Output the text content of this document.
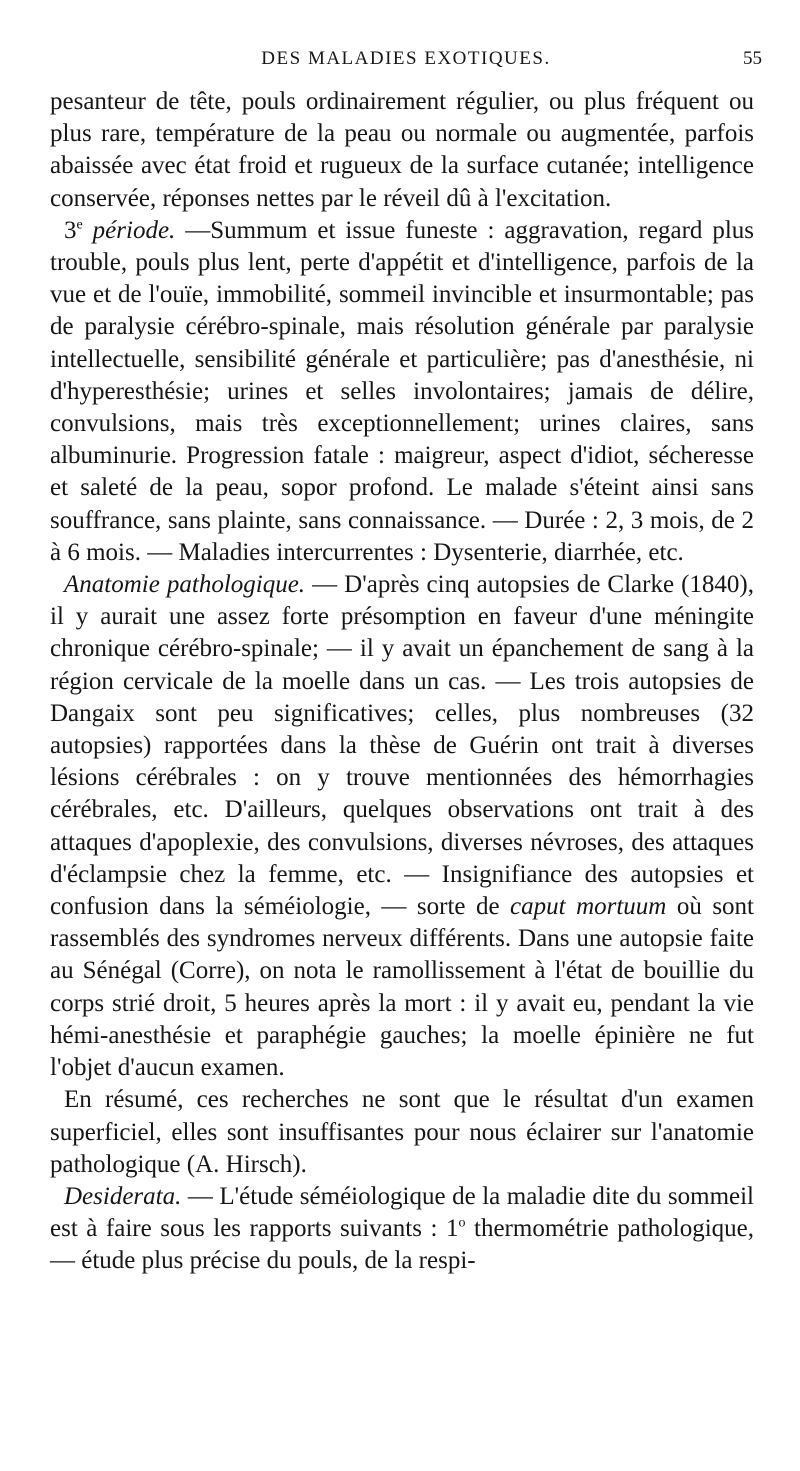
DES MALADIES EXOTIQUES.	55

pesanteur de tête, pouls ordinairement régulier, ou plus fréquent ou plus rare, température de la peau ou normale ou augmentée, parfois abaissée avec état froid et rugueux de la surface cutanée; intelligence conservée, réponses nettes par le réveil dû à l'excitation.

3e période. —Summum et issue funeste : aggravation, regard plus trouble, pouls plus lent, perte d'appétit et d'intelligence, parfois de la vue et de l'ouïe, immobilité, sommeil invincible et insurmontable; pas de paralysie cérébro-spinale, mais résolution générale par paralysie intellectuelle, sensibilité générale et particulière; pas d'anesthésie, ni d'hyperesthésie; urines et selles involontaires; jamais de délire, convulsions, mais très exceptionnellement; urines claires, sans albuminurie. Progression fatale : maigreur, aspect d'idiot, sécheresse et saleté de la peau, sopor profond. Le malade s'éteint ainsi sans souffrance, sans plainte, sans connaissance. — Durée : 2, 3 mois, de 2 à 6 mois. — Maladies intercurrentes : Dysenterie, diarrhée, etc.

Anatomie pathologique. — D'après cinq autopsies de Clarke (1840), il y aurait une assez forte présomption en faveur d'une méningite chronique cérébro-spinale; — il y avait un épanchement de sang à la région cervicale de la moelle dans un cas. — Les trois autopsies de Dangaix sont peu significatives; celles, plus nombreuses (32 autopsies) rapportées dans la thèse de Guérin ont trait à diverses lésions cérébrales : on y trouve mentionnées des hémorrhagies cérébrales, etc. D'ailleurs, quelques observations ont trait à des attaques d'apoplexie, des convulsions, diverses névroses, des attaques d'éclampsie chez la femme, etc. — Insignifiance des autopsies et confusion dans la séméiologie, — sorte de caput mortuum où sont rassemblés des syndromes nerveux différents. Dans une autopsie faite au Sénégal (Corre), on nota le ramollissement à l'état de bouillie du corps strié droit, 5 heures après la mort : il y avait eu, pendant la vie hémi-anesthésie et paraphégie gauches; la moelle épinière ne fut l'objet d'aucun examen.

En résumé, ces recherches ne sont que le résultat d'un examen superficiel, elles sont insuffisantes pour nous éclairer sur l'anatomie pathologique (A. Hirsch).

Desiderata. — L'étude séméiologique de la maladie dite du sommeil est à faire sous les rapports suivants : 1$^o$ thermométrie pathologique, — étude plus précise du pouls, de la respi-
